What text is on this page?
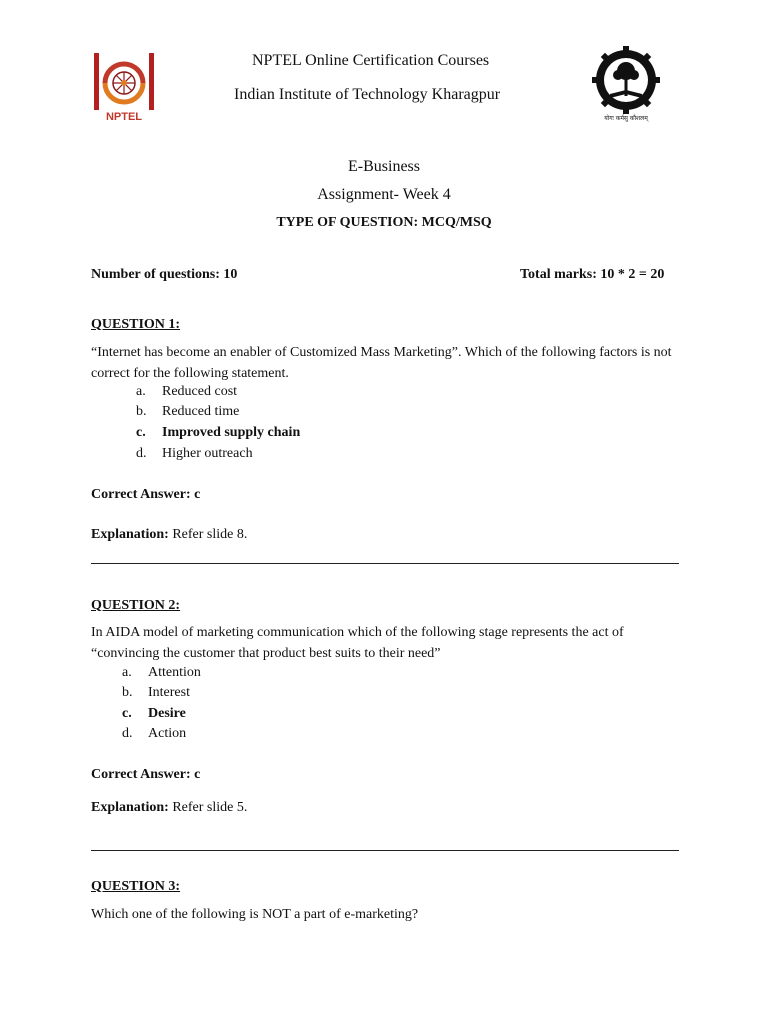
NPTEL
NPTEL Online Certification Courses
Indian Institute of Technology Kharagpur
योगः कर्मसु कौशलम्
E-Business
Assignment- Week 4
TYPE OF QUESTION: MCQ/MSQ
Number of questions: 10	Total marks: 10 * 2 = 20
QUESTION 1:
“Internet has become an enabler of Customized Mass Marketing”. Which of the following factors is not correct for the following statement.
a. Reduced cost
b. Reduced time
c. Improved supply chain
d. Higher outreach
Correct Answer: c
Explanation: Refer slide 8.
QUESTION 2:
In AIDA model of marketing communication which of the following stage represents the act of “convincing the customer that product best suits to their need”
a. Attention
b. Interest
c. Desire
d. Action
Correct Answer: c
Explanation: Refer slide 5.
QUESTION 3:
Which one of the following is NOT a part of e-marketing?
